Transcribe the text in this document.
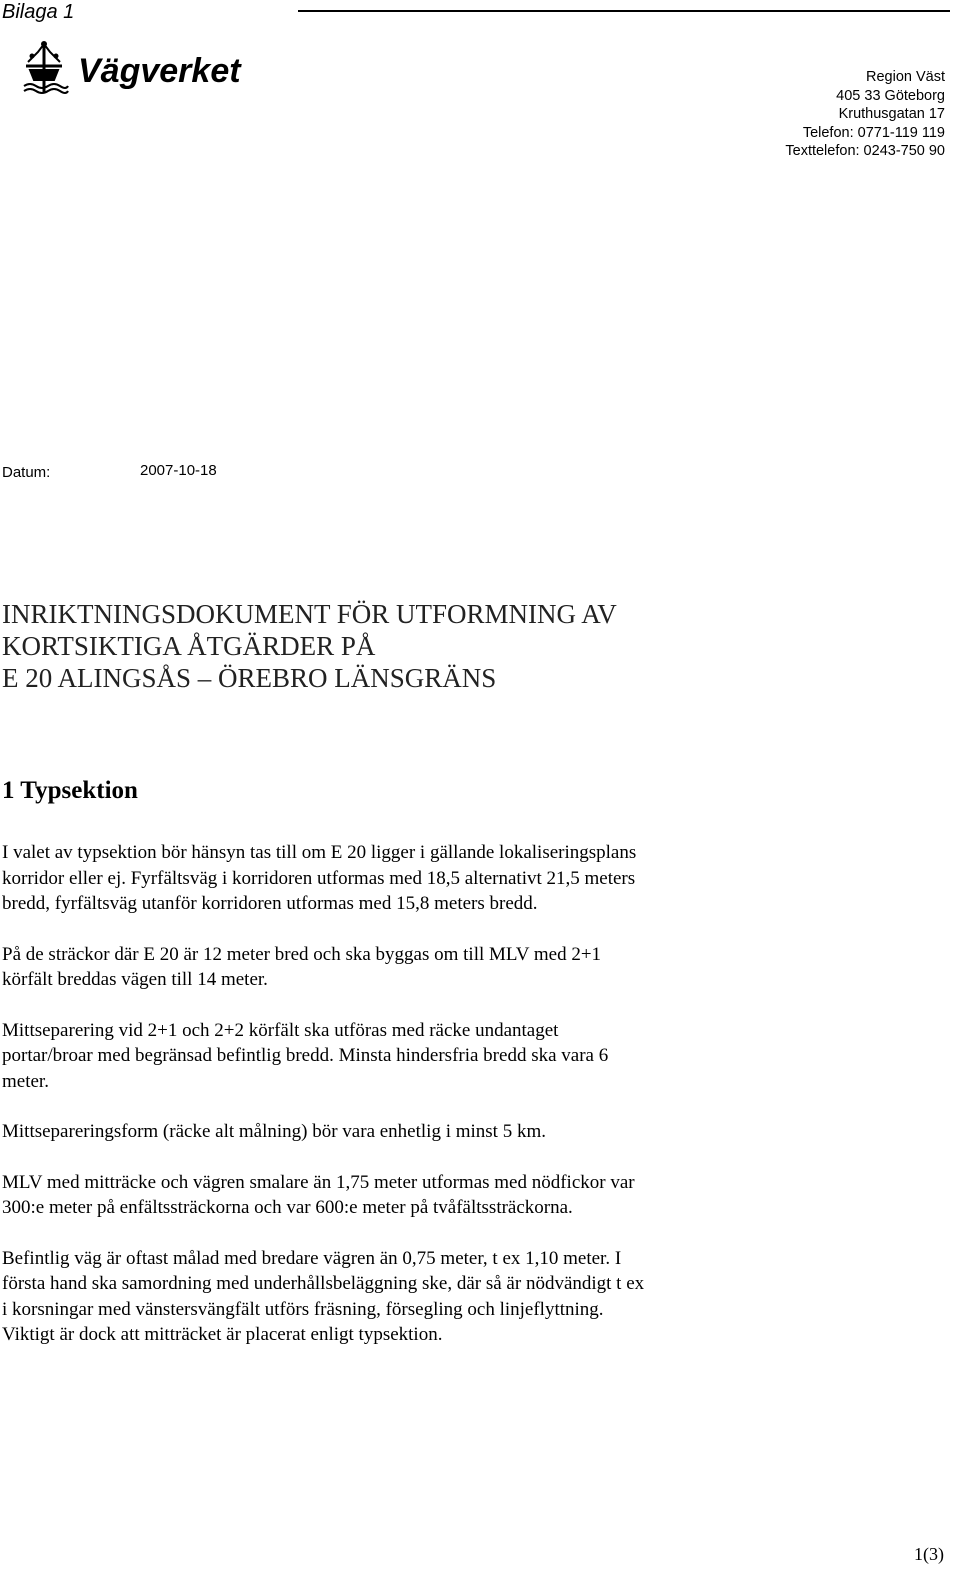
Bilaga 1
Vägverket	Region Väst
405 33 Göteborg
Kruthusgatan 17
Telefon: 0771-119 119
Texttelefon: 0243-750 90
Datum:	2007-10-18
INRIKTNINGSDOKUMENT FÖR UTFORMNING AV
KORTSIKTIGA ÅTGÄRDER PÅ
E 20 ALINGSÅS – ÖREBRO LÄNSGRÄNS
1 Typsektion

I valet av typsektion bör hänsyn tas till om E 20 ligger i gällande lokaliseringsplans
korridor eller ej. Fyrfältsväg i korridoren utformas med 18,5 alternativt 21,5 meters
bredd, fyrfältsväg utanför korridoren utformas med 15,8 meters bredd.

På de sträckor där E 20 är 12 meter bred och ska byggas om till MLV med 2+1
körfält breddas vägen till 14 meter.

Mittseparering vid 2+1 och 2+2 körfält ska utföras med räcke undantaget
portar/broar med begränsad befintlig bredd. Minsta hindersfria bredd ska vara 6
meter.

Mittsepareringsform (räcke alt målning) bör vara enhetlig i minst 5 km.

MLV med mitträcke och vägren smalare än 1,75 meter utformas med nödfickor var
300:e meter på enfältssträckorna och var 600:e meter på tvåfältssträckorna.

Befintlig väg är oftast målad med bredare vägren än 0,75 meter, t ex 1,10 meter. I
första hand ska samordning med underhållsbeläggning ske, där så är nödvändigt t ex
i korsningar med vänstersvängfält utförs fräsning, försegling och linjeflyttning.
Viktigt är dock att mitträcket är placerat enligt typsektion.

1(3)
